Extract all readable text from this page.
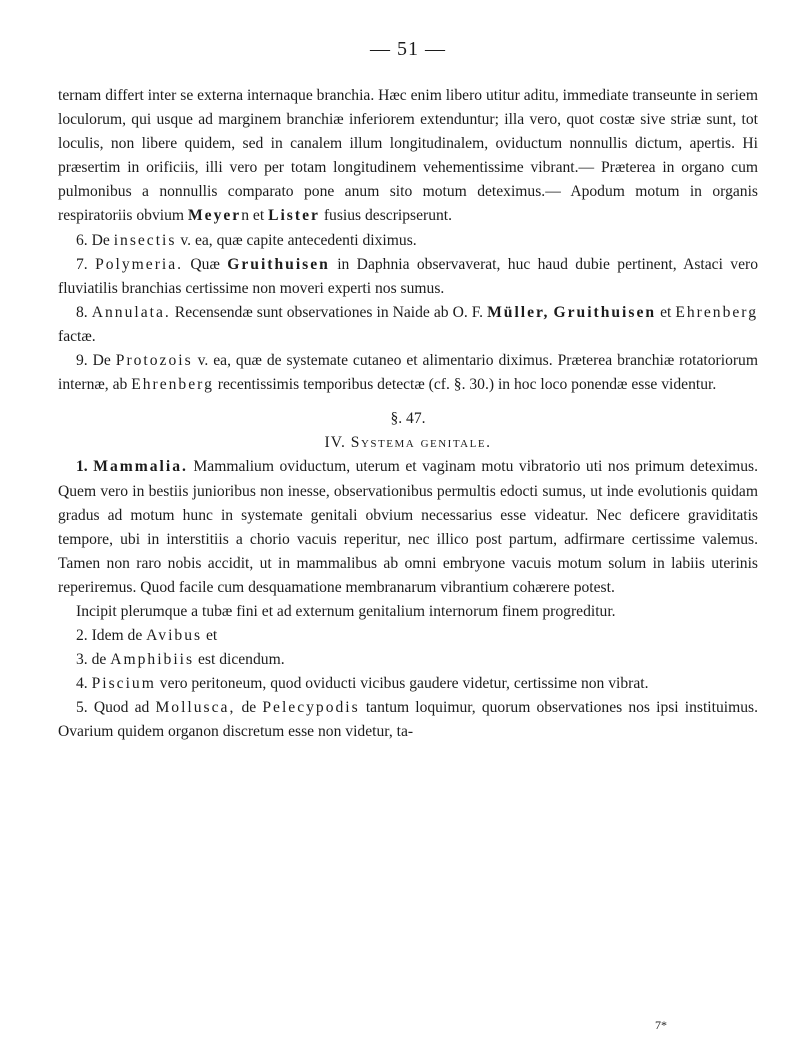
— 51 —

ternam differt inter se externa internaque branchia. Hæc enim libero utitur aditu, immediate transeunte in seriem loculorum, qui usque ad marginem branchiæ inferiorem extenduntur; illa vero, quot costæ sive striæ sunt, tot loculis, non libere quidem, sed in canalem illum longitudinalem, oviductum nonnullis dictum, apertis. Hi præsertim in orificiis, illi vero per totam longitudinem vehementissime vibrant.— Præterea in organo cum pulmonibus a nonnullis comparato pone anum sito motum deteximus.— Apodum motum in organis respiratoriis obvium Meyern et Lister fusius descripserunt.

6. De insectis v. ea, quæ capite antecedenti diximus.

7. Polymeria. Quæ Gruithuisen in Daphnia observaverat, huc haud dubie pertinent, Astaci vero fluviatilis branchias certissime non moveri experti nos sumus.

8. Annulata. Recensendæ sunt observationes in Naide ab O. F. Müller, Gruithuisen et Ehrenberg factæ.

9. De Protozois v. ea, quæ de systemate cutaneo et alimentario diximus. Præterea branchiæ rotatoriorum internæ, ab Ehrenberg recentissimis temporibus detectæ (cf. §. 30.) in hoc loco ponendæ esse videntur.

§. 47.

IV. Systema genitale.

1. Mammalia. Mammalium oviductum, uterum et vaginam motu vibratorio uti nos primum deteximus. Quem vero in bestiis junioribus non inesse, observationibus permultis edocti sumus, ut inde evolutionis quidam gradus ad motum hunc in systemate genitali obvium necessarius esse videatur. Nec deficere graviditatis tempore, ubi in interstitiis a chorio vacuis reperitur, nec illico post partum, adfirmare certissime valemus. Tamen non raro nobis accidit, ut in mammalibus ab omni embryone vacuis motum solum in labiis uterinis reperiremus. Quod facile cum desquamatione membranarum vibrantium cohærere potest.

Incipit plerumque a tubæ fini et ad externum genitalium internorum finem progreditur.

2. Idem de Avibus et

3. de Amphibiis est dicendum.

4. Piscium vero peritoneum, quod oviducti vicibus gaudere videtur, certissime non vibrat.

5. Quod ad Mollusca, de Pelecypodis tantum loquimur, quorum observationes nos ipsi instituimus. Ovarium quidem organon discretum esse non videtur, ta-

7*
